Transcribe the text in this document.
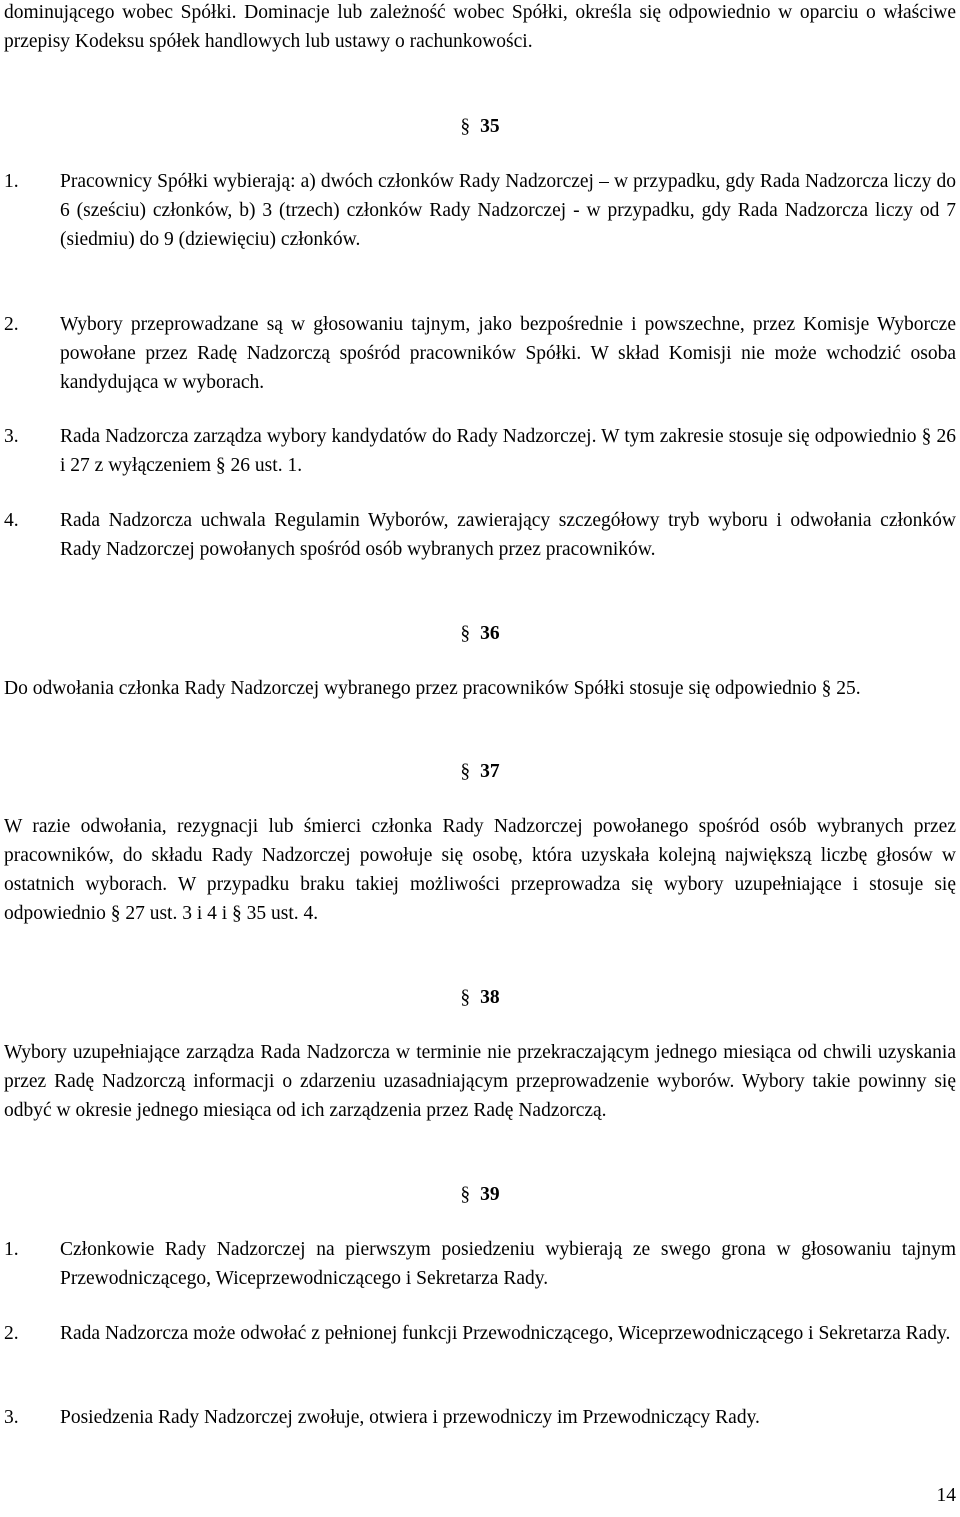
dominującego wobec Spółki. Dominacje lub zależność wobec Spółki, określa się odpowiednio w oparciu o właściwe przepisy Kodeksu spółek handlowych lub ustawy o rachunkowości.

§ 35
1.	Pracownicy Spółki wybierają: a) dwóch członków Rady Nadzorczej – w przypadku, gdy Rada Nadzorcza liczy do 6 (sześciu) członków, b) 3 (trzech) członków Rady Nadzorczej - w przypadku, gdy Rada Nadzorcza liczy od 7 (siedmiu) do 9 (dziewięciu) członków.
2.	Wybory przeprowadzane są w głosowaniu tajnym, jako bezpośrednie i powszechne, przez Komisje Wyborcze powołane przez Radę Nadzorczą spośród pracowników Spółki. W skład Komisji nie może wchodzić osoba kandydująca w wyborach.
3.	Rada Nadzorcza zarządza wybory kandydatów do Rady Nadzorczej. W tym zakresie stosuje się odpowiednio § 26 i 27 z wyłączeniem § 26 ust. 1.
4.	Rada Nadzorcza uchwala Regulamin Wyborów, zawierający szczegółowy tryb wyboru i odwołania członków Rady Nadzorczej powołanych spośród osób wybranych przez pracowników.
§ 36

Do odwołania członka Rady Nadzorczej wybranego przez pracowników Spółki stosuje się odpowiednio § 25.

§ 37

W razie odwołania, rezygnacji lub śmierci członka Rady Nadzorczej powołanego spośród osób wybranych przez pracowników, do składu Rady Nadzorczej powołuje się osobę, która uzyskała kolejną największą liczbę głosów w ostatnich wyborach. W przypadku braku takiej możliwości przeprowadza się wybory uzupełniające i stosuje się odpowiednio § 27 ust. 3 i 4 i § 35 ust. 4.

§ 38

Wybory uzupełniające zarządza Rada Nadzorcza w terminie nie przekraczającym jednego miesiąca od chwili uzyskania przez Radę Nadzorczą informacji o zdarzeniu uzasadniającym przeprowadzenie wyborów. Wybory takie powinny się odbyć w okresie jednego miesiąca od ich zarządzenia przez Radę Nadzorczą.

§ 39
1.	Członkowie Rady Nadzorczej na pierwszym posiedzeniu wybierają ze swego grona w głosowaniu tajnym Przewodniczącego, Wiceprzewodniczącego i Sekretarza Rady.
2.	Rada Nadzorcza może odwołać z pełnionej funkcji Przewodniczącego, Wiceprzewodniczącego i Sekretarza Rady.
3.	Posiedzenia Rady Nadzorczej zwołuje, otwiera i przewodniczy im Przewodniczący Rady.
14
